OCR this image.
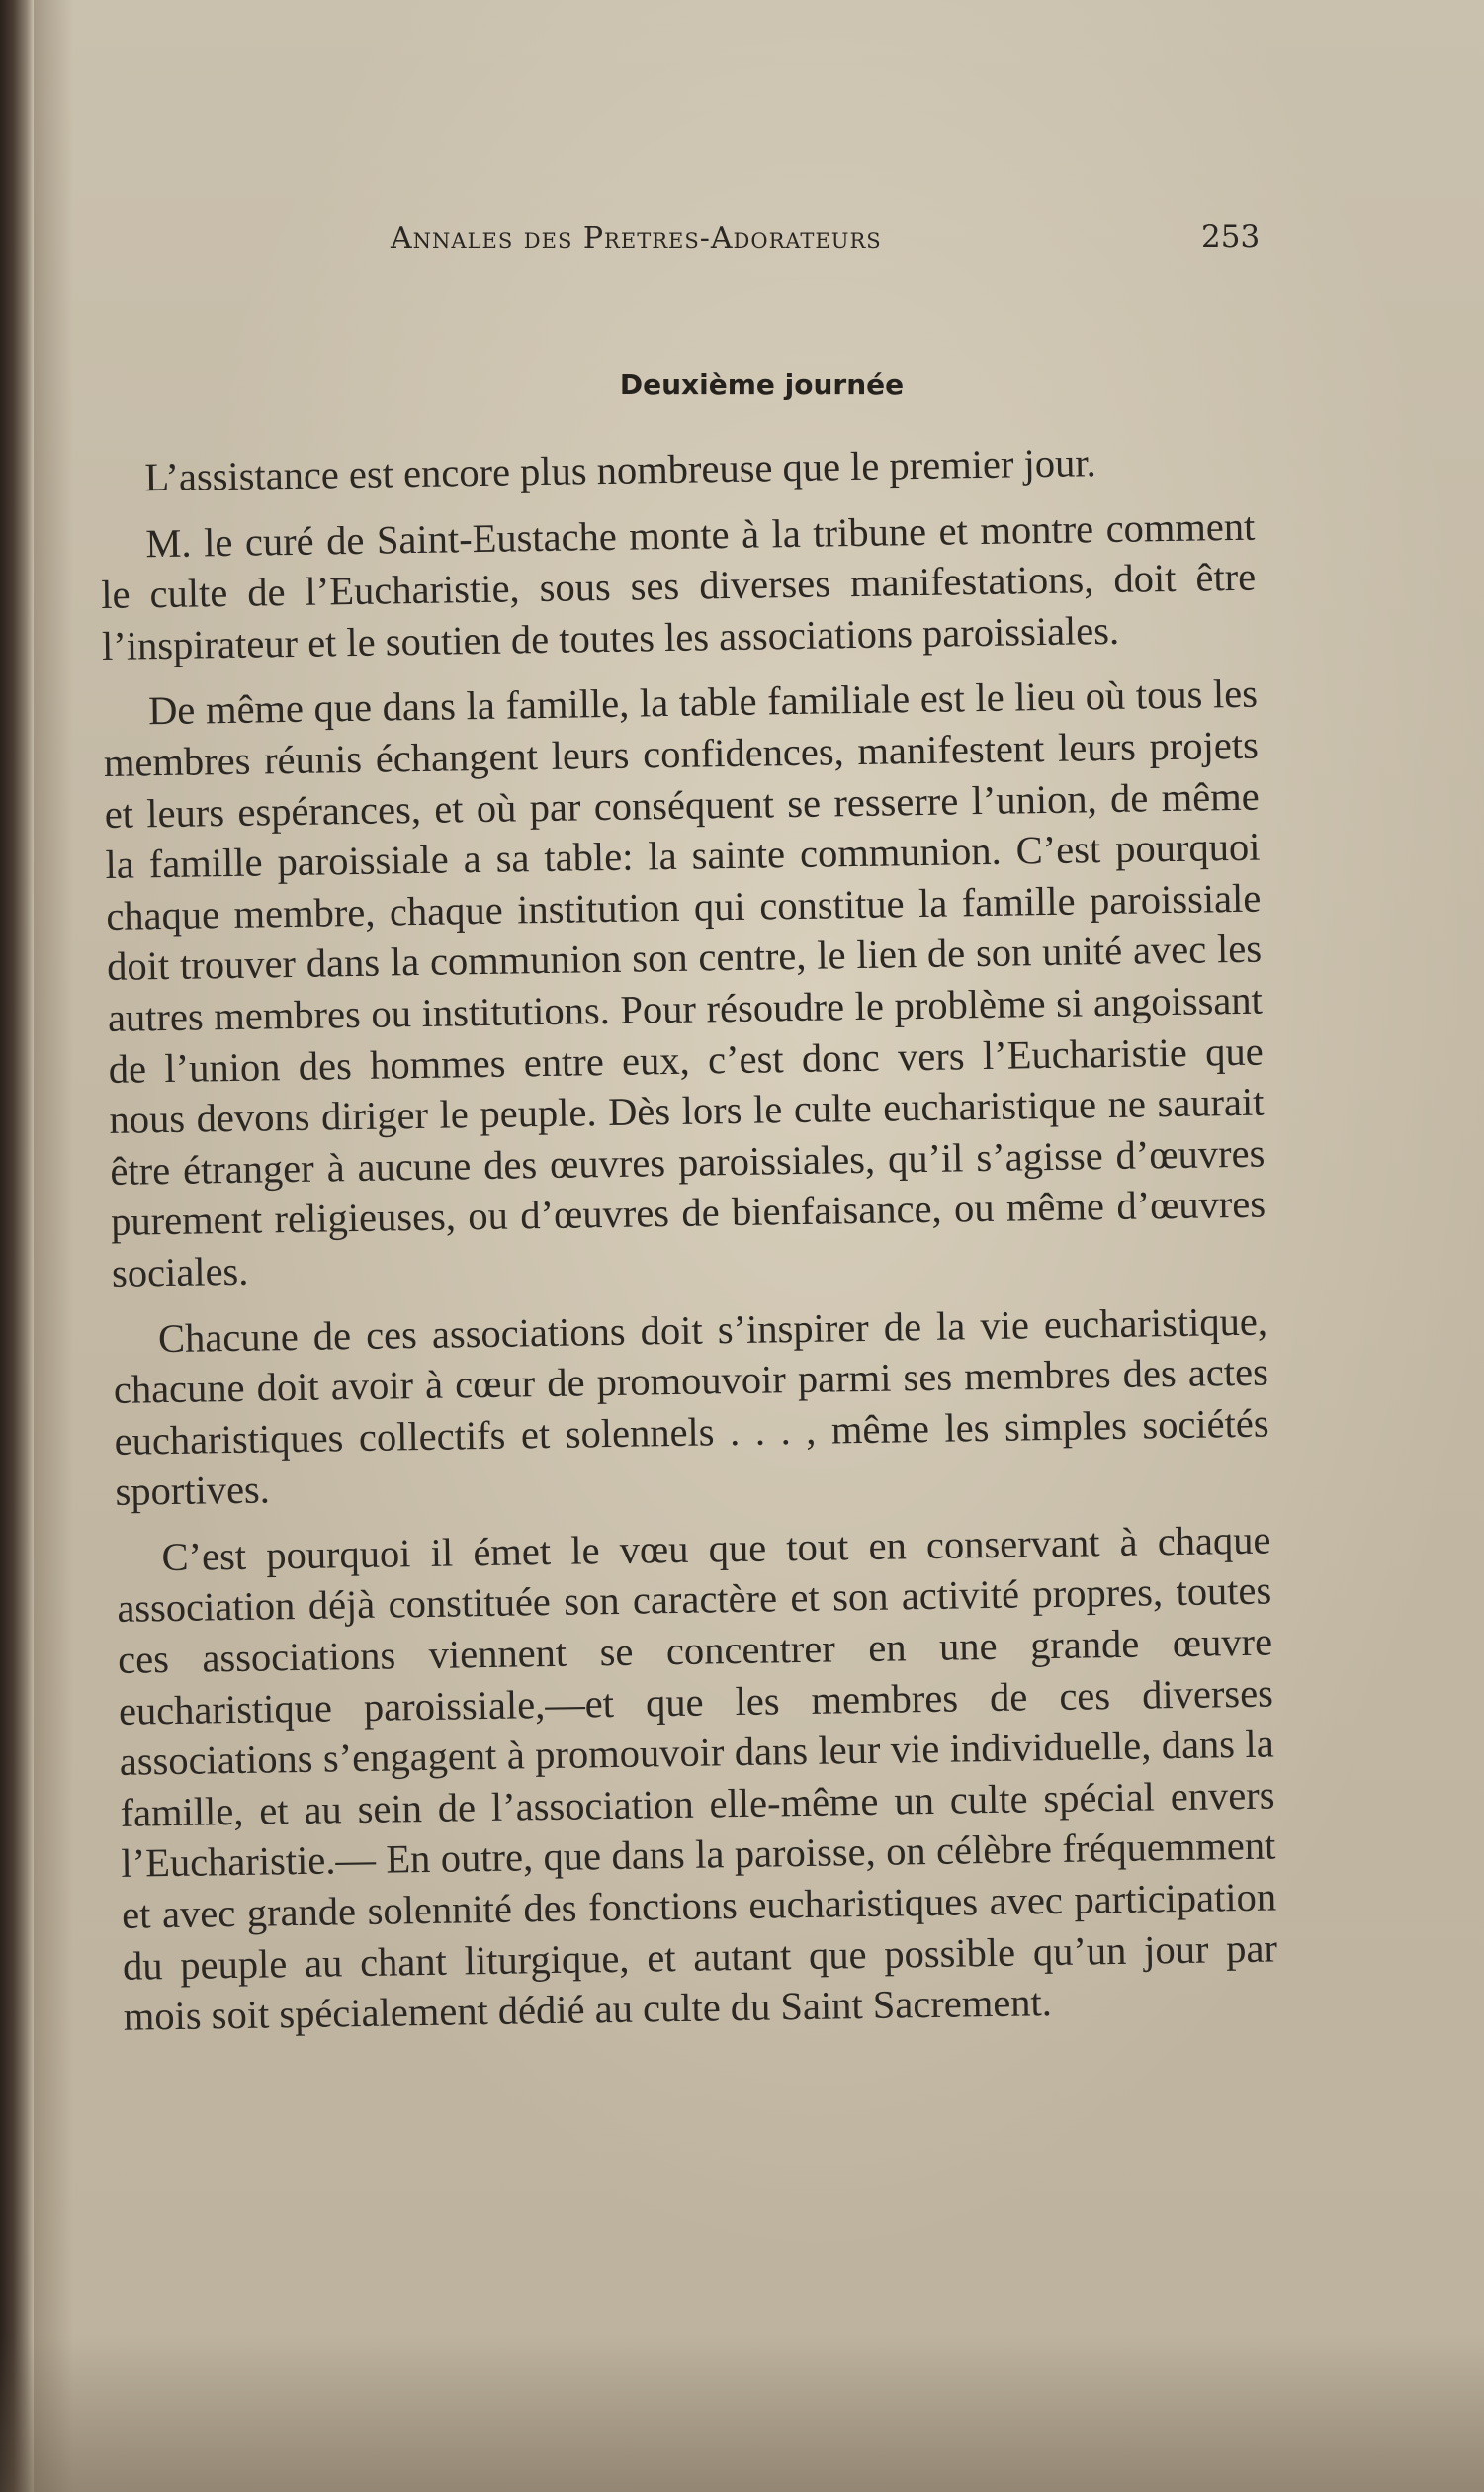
Annales des Pretres-Adorateurs	253
Deuxième journée

L’assistance est encore plus nombreuse que le premier jour.

M. le curé de Saint-Eustache monte à la tribune et montre comment le culte de l’Eucharistie, sous ses diverses manifestations, doit être l’inspirateur et le soutien de toutes les associations paroissiales.

De même que dans la famille, la table familiale est le lieu où tous les membres réunis échangent leurs confidences, manifestent leurs projets et leurs espérances, et où par conséquent se resserre l’union, de même la famille paroissiale a sa table: la sainte communion. C’est pourquoi chaque membre, chaque institution qui constitue la famille paroissiale doit trouver dans la communion son centre, le lien de son unité avec les autres membres ou institutions. Pour résoudre le problème si angoissant de l’union des hommes entre eux, c’est donc vers l’Eucharistie que nous devons diriger le peuple. Dès lors le culte eucharistique ne saurait être étranger à aucune des œuvres paroissiales, qu’il s’agisse d’œuvres purement religieuses, ou d’œuvres de bienfaisance, ou même d’œuvres sociales.

Chacune de ces associations doit s’inspirer de la vie eucharistique, chacune doit avoir à cœur de promouvoir parmi ses membres des actes eucharistiques collectifs et solennels . . . , même les simples sociétés sportives.

C’est pourquoi il émet le vœu que tout en conservant à chaque association déjà constituée son caractère et son activité propres, toutes ces associations viennent se concentrer en une grande œuvre eucharistique paroissiale,—et que les membres de ces diverses associations s’engagent à promouvoir dans leur vie individuelle, dans la famille, et au sein de l’association elle-même un culte spécial envers l’Eucharistie.— En outre, que dans la paroisse, on célèbre fréquemment et avec grande solennité des fonctions eucharistiques avec participation du peuple au chant liturgique, et autant que possible qu’un jour par mois soit spécialement dédié au culte du Saint Sacrement.
